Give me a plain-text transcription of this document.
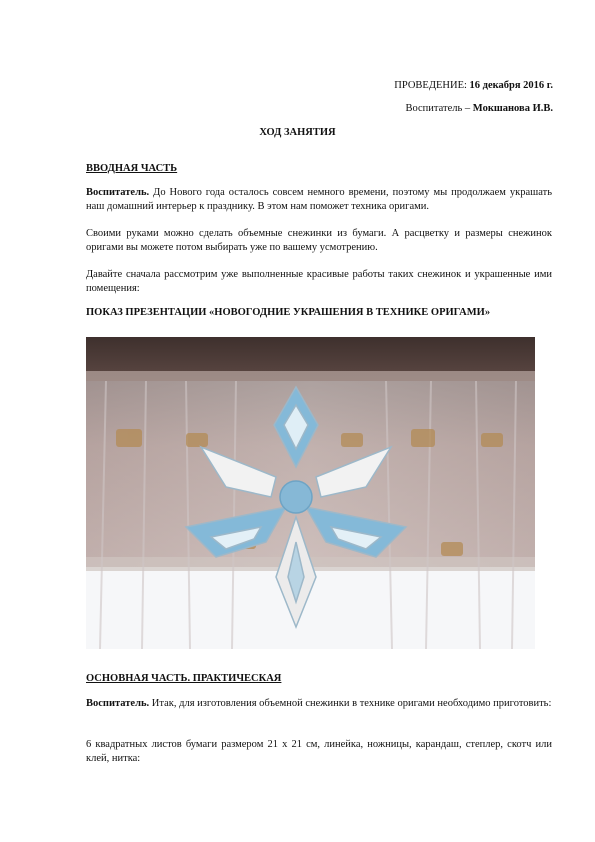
ПРОВЕДЕНИЕ: 16 декабря 2016 г.
Воспитатель – Мокшанова И.В.
ХОД ЗАНЯТИЯ
ВВОДНАЯ ЧАСТЬ
Воспитатель. До Нового года осталось совсем немного времени, поэтому мы продолжаем украшать наш домашний интерьер к празднику. В этом нам поможет техника оригами.
Своими руками можно сделать объемные снежинки из бумаги. А расцветку и размеры снежинок оригами вы можете потом выбирать уже по вашему усмотрению.
Давайте сначала рассмотрим уже выполненные красивые работы таких снежинок и украшенные ими помещения:
ПОКАЗ ПРЕЗЕНТАЦИИ «НОВОГОДНИЕ УКРАШЕНИЯ В ТЕХНИКЕ ОРИГАМИ»
ОСНОВНАЯ ЧАСТЬ. ПРАКТИЧЕСКАЯ
Воспитатель. Итак, для изготовления объемной снежинки в технике оригами необходимо приготовить:
6 квадратных листов бумаги размером 21 х 21 см, линейка, ножницы, карандаш, степлер, скотч или клей, нитка:
